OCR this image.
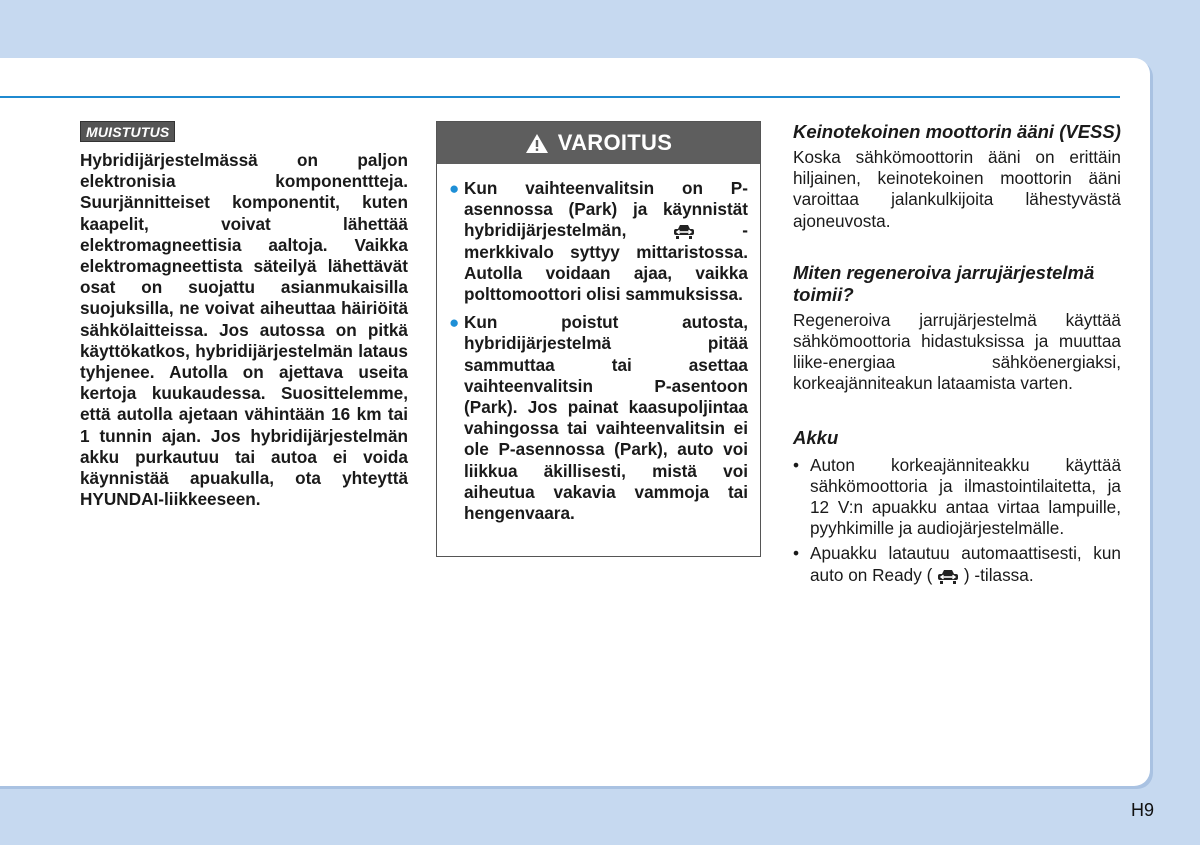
MUISTUTUS

Hybridijärjestelmässä on paljon elektronisia komponenttteja. Suurjännitteiset komponentit, kuten kaapelit, voivat lähettää elektromagneettisia aaltoja. Vaikka elektromagneettista säteilyä lähettävät osat on suojattu asianmukaisilla suojuksilla, ne voivat aiheuttaa häiriöitä sähkölaitteissa. Jos autossa on pitkä käyttökatkos, hybridijärjestelmän lataus tyhjenee. Autolla on ajettava useita kertoja kuukaudessa. Suosittelemme, että autolla ajetaan vähintään 16 km tai 1 tunnin ajan. Jos hybridijärjestelmän akku purkautuu tai autoa ei voida käynnistää apuakulla, ota yhteyttä HYUNDAI-liikkeeseen.

VAROITUS
● Kun vaihteenvalitsin on P-asennossa (Park) ja käynnistät hybridijärjestelmän,	-merkkivalo syttyy mittaristossa. Autolla voidaan ajaa, vaikka polttomoottori olisi sammuksissa.
● Kun poistut autosta, hybridijärjestelmä pitää sammuttaa tai asettaa vaihteenvalitsin P-asentoon (Park). Jos painat kaasupoljintaa vahingossa tai vaihteenvalitsin ei ole P-asennossa (Park), auto voi liikkua äkillisesti, mistä voi aiheutua vakavia vammoja tai hengenvaara.
Keinotekoinen moottorin ääni (VESS)

Koska sähkömoottorin ääni on erittäin hiljainen, keinotekoinen moottorin ääni varoittaa jalankulkijoita lähestyvästä ajoneuvosta.

Miten regeneroiva jarrujärjestelmä toimii?

Regeneroiva jarrujärjestelmä käyttää sähkömoottoria hidastuksissa ja muuttaa liike-energiaa sähköenergiaksi, korkeajänniteakun lataamista varten.

Akku
• Auton korkeajänniteakku käyttää sähkömoottoria ja ilmastointilaitetta, ja 12 V:n apuakku antaa virtaa lampuille, pyyhkimille ja audiojärjestelmälle.
• Apuakku latautuu automaattisesti, kun auto on Ready ( ) -tilassa.
H9
